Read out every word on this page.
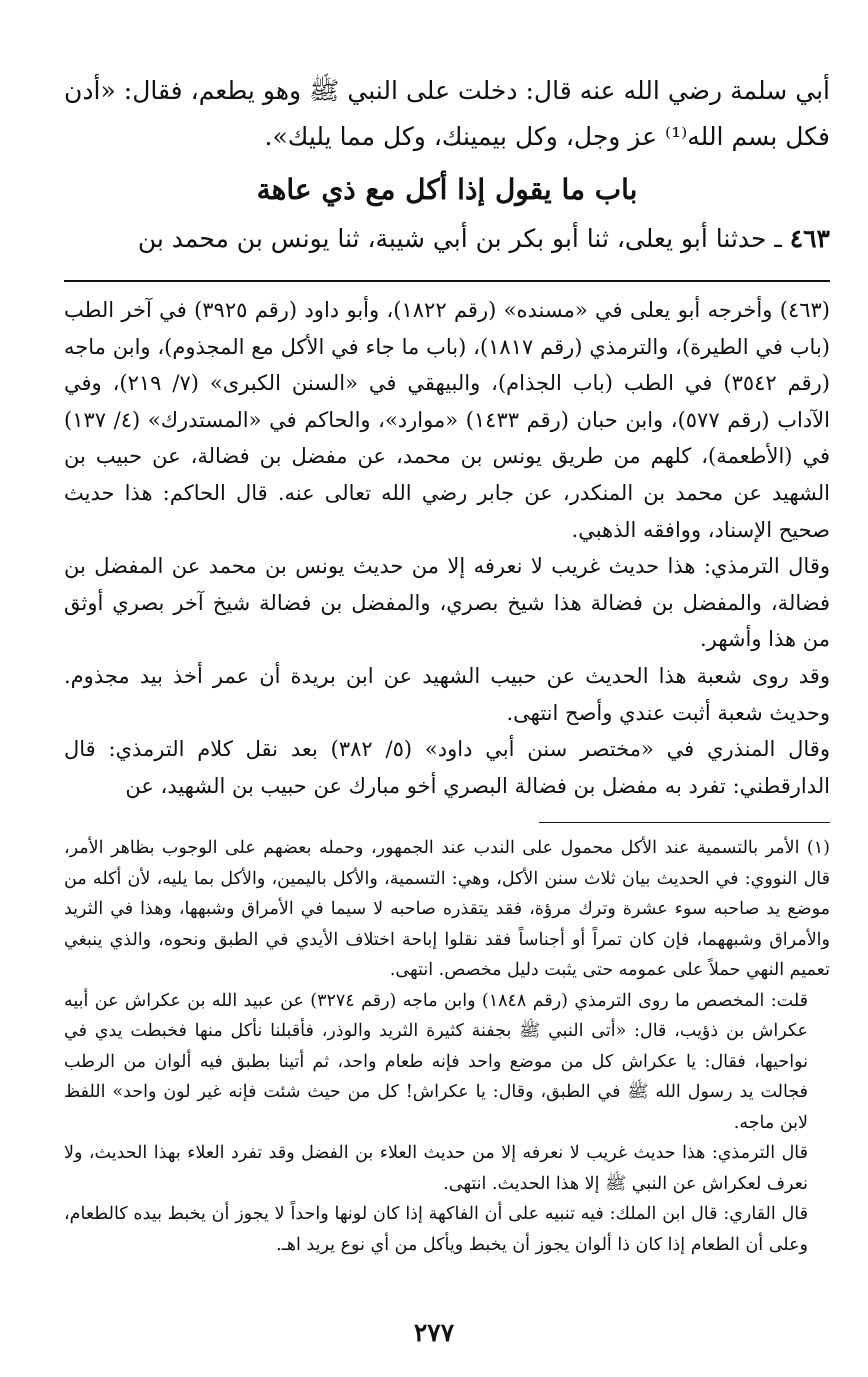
أبي سلمة رضي الله عنه قال: دخلت على النبي ﷺ وهو يطعم، فقال: «أدن فكل بسم الله⁽¹⁾ عز وجل، وكل بيمينك، وكل مما يليك».

باب ما يقول إذا أكل مع ذي عاهة

٤٦٣ ـ حدثنا أبو يعلى، ثنا أبو بكر بن أبي شيبة، ثنا يونس بن محمد بن

(٤٦٣) وأخرجه أبو يعلى في «مسنده» (رقم ١٨٢٢)، وأبو داود (رقم ٣٩٢٥) في آخر الطب (باب في الطيرة)، والترمذي (رقم ١٨١٧)، (باب ما جاء في الأكل مع المجذوم)، وابن ماجه (رقم ٣٥٤٢) في الطب (باب الجذام)، والبيهقي في «السنن الكبرى» (٧/ ٢١٩)، وفي الآداب (رقم ٥٧٧)، وابن حبان (رقم ١٤٣٣) «موارد»، والحاكم في «المستدرك» (٤/ ١٣٧) في (الأطعمة)، كلهم من طريق يونس بن محمد، عن مفضل بن فضالة، عن حبيب بن الشهيد عن محمد بن المنكدر، عن جابر رضي الله تعالى عنه. قال الحاكم: هذا حديث صحيح الإسناد، ووافقه الذهبي.

وقال الترمذي: هذا حديث غريب لا نعرفه إلا من حديث يونس بن محمد عن المفضل بن فضالة، والمفضل بن فضالة هذا شيخ بصري، والمفضل بن فضالة شيخ آخر بصري أوثق من هذا وأشهر.

وقد روى شعبة هذا الحديث عن حبيب الشهيد عن ابن بريدة أن عمر أخذ بيد مجذوم. وحديث شعبة أثبت عندي وأصح انتهى.

وقال المنذري في «مختصر سنن أبي داود» (٥/ ٣٨٢) بعد نقل كلام الترمذي: قال الدارقطني: تفرد به مفضل بن فضالة البصري أخو مبارك عن حبيب بن الشهيد، عن

(١) الأمر بالتسمية عند الأكل محمول على الندب عند الجمهور، وحمله بعضهم على الوجوب بظاهر الأمر، قال النووي: في الحديث بيان ثلاث سنن الأكل، وهي: التسمية، والأكل باليمين، والأكل بما يليه، لأن أكله من موضع يد صاحبه سوء عشرة وترك مرؤة، فقد يتقذره صاحبه لا سيما في الأمراق وشبهها، وهذا في الثريد والأمراق وشبههما، فإن كان تمراً أو أجناساً فقد نقلوا إباحة اختلاف الأيدي في الطبق ونحوه، والذي ينبغي تعميم النهي حملاً على عمومه حتى يثبت دليل مخصص. انتهى.

قلت: المخصص ما روى الترمذي (رقم ١٨٤٨) وابن ماجه (رقم ٣٢٧٤) عن عبيد الله بن عكراش عن أبيه عكراش بن ذؤيب، قال: «أتى النبي ﷺ بجفنة كثيرة الثريد والوذر، فأقبلنا نأكل منها فخبطت يدي في نواحيها، فقال: يا عكراش كل من موضع واحد فإنه طعام واحد، ثم أتينا بطبق فيه ألوان من الرطب فجالت يد رسول الله ﷺ في الطبق، وقال: يا عكراش! كل من حيث شئت فإنه غير لون واحد» اللفظ لابن ماجه.

قال الترمذي: هذا حديث غريب لا نعرفه إلا من حديث العلاء بن الفضل وقد تفرد العلاء بهذا الحديث، ولا نعرف لعكراش عن النبي ﷺ إلا هذا الحديث. انتهى.

قال القاري: قال ابن الملك: فيه تنبيه على أن الفاكهة إذا كان لونها واحداً لا يجوز أن يخبط بيده كالطعام، وعلى أن الطعام إذا كان ذا ألوان يجوز أن يخبط ويأكل من أي نوع يريد اهـ.

٢٧٧
